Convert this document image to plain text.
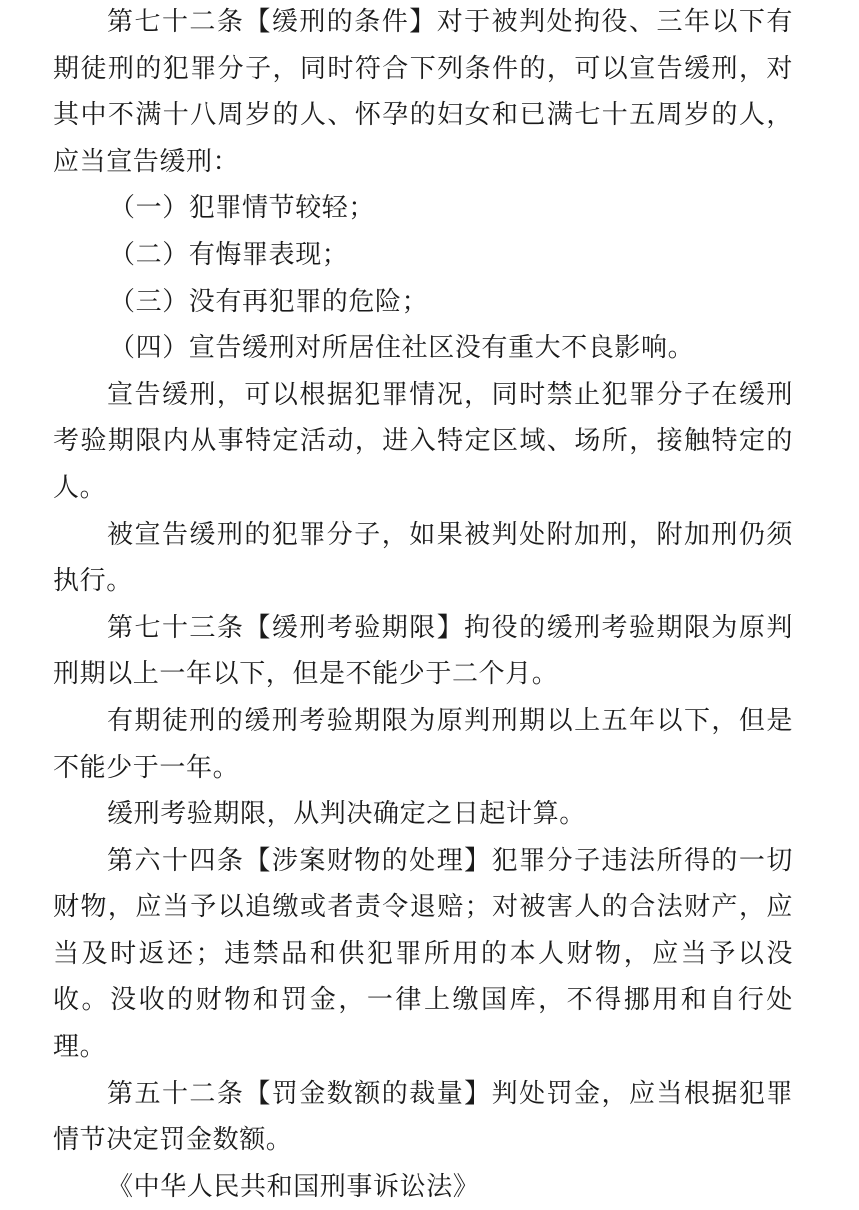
第七十二条【缓刑的条件】对于被判处拘役、三年以下有期徒刑的犯罪分子，同时符合下列条件的，可以宣告缓刑，对其中不满十八周岁的人、怀孕的妇女和已满七十五周岁的人，应当宣告缓刑：

（一）犯罪情节较轻；

（二）有悔罪表现；

（三）没有再犯罪的危险；

（四）宣告缓刑对所居住社区没有重大不良影响。

宣告缓刑，可以根据犯罪情况，同时禁止犯罪分子在缓刑考验期限内从事特定活动，进入特定区域、场所，接触特定的人。

被宣告缓刑的犯罪分子，如果被判处附加刑，附加刑仍须执行。

第七十三条【缓刑考验期限】拘役的缓刑考验期限为原判刑期以上一年以下，但是不能少于二个月。

有期徒刑的缓刑考验期限为原判刑期以上五年以下，但是不能少于一年。

缓刑考验期限，从判决确定之日起计算。

第六十四条【涉案财物的处理】犯罪分子违法所得的一切财物，应当予以追缴或者责令退赔；对被害人的合法财产，应当及时返还；违禁品和供犯罪所用的本人财物，应当予以没收。没收的财物和罚金，一律上缴国库，不得挪用和自行处理。

第五十二条【罚金数额的裁量】判处罚金，应当根据犯罪情节决定罚金数额。

《中华人民共和国刑事诉讼法》
